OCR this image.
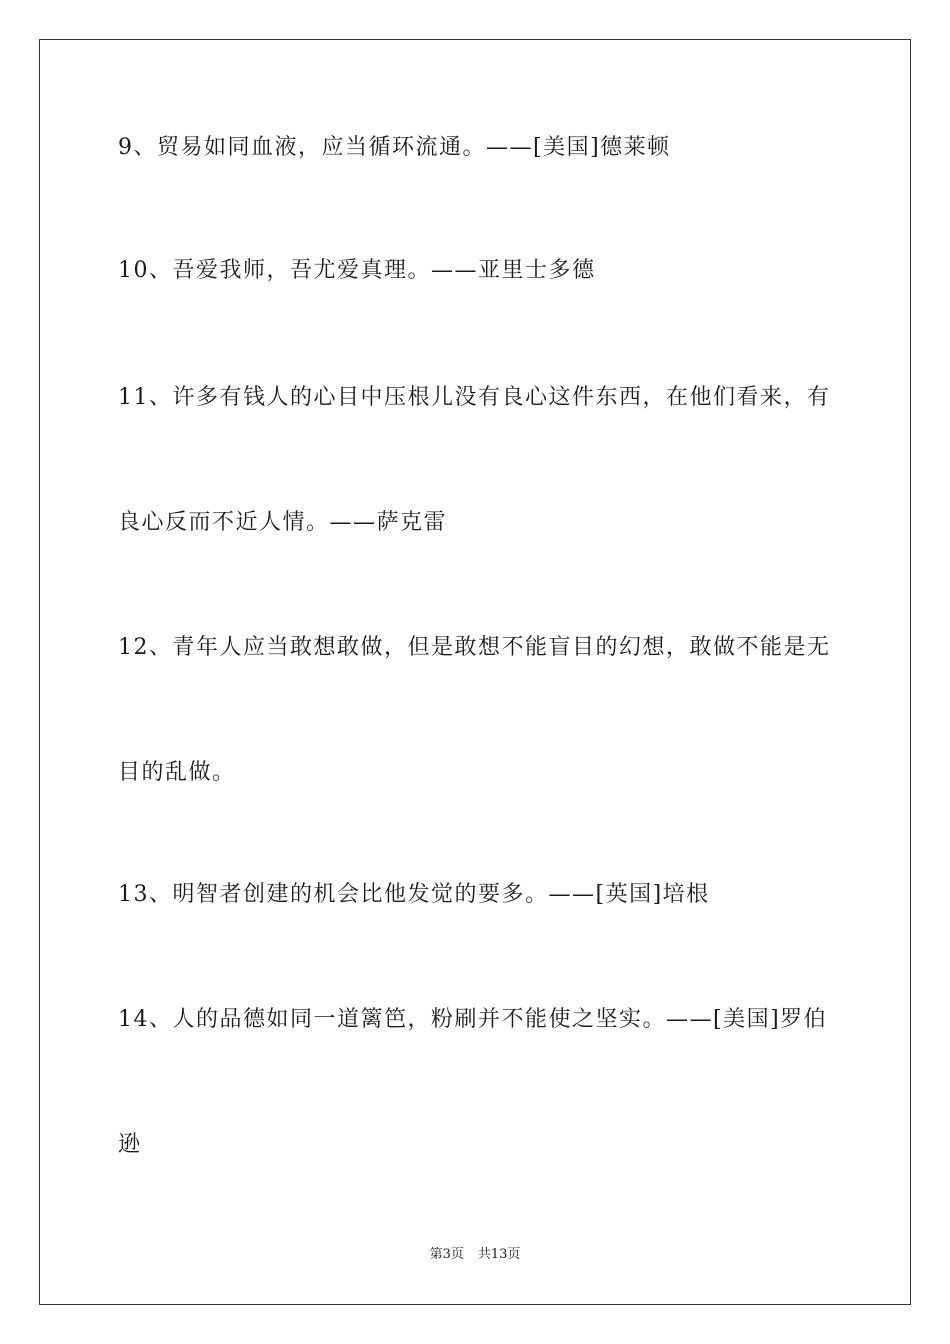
9、贸易如同血液，应当循环流通。——[美国]德莱顿
10、吾爱我师，吾尤爱真理。——亚里士多德
11、许多有钱人的心目中压根儿没有良心这件东西，在他们看来，有
良心反而不近人情。——萨克雷
12、青年人应当敢想敢做，但是敢想不能盲目的幻想，敢做不能是无
目的乱做。
13、明智者创建的机会比他发觉的要多。——[英国]培根
14、人的品德如同一道篱笆，粉刷并不能使之坚实。——[美国]罗伯
逊
第3页 共13页
